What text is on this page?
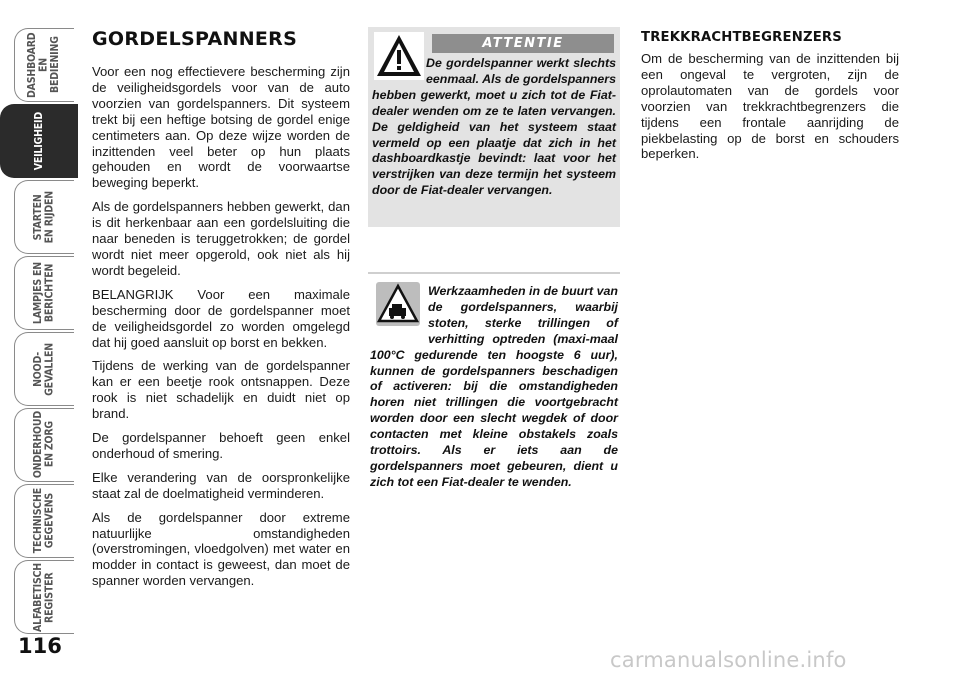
DASHBOARD
EN BEDIENING
VEILIGHEID
STARTEN
EN RIJDEN
LAMPJES EN
BERICHTEN
NOOD-
GEVALLEN
ONDERHOUD
EN ZORG
TECHNISCHE
GEGEVENS
ALFABETISCH
REGISTER
116
GORDELSPANNERS

Voor een nog effectievere bescherming zijn de veiligheidsgordels voor van de auto voorzien van gordelspanners. Dit systeem trekt bij een heftige botsing de gordel enige centimeters aan. Op deze wijze worden de inzittenden veel beter op hun plaats gehouden en wordt de voorwaartse beweging beperkt.

Als de gordelspanners hebben gewerkt, dan is dit herkenbaar aan een gordelsluiting die naar beneden is teruggetrokken; de gordel wordt niet meer opgerold, ook niet als hij wordt begeleid.

BELANGRIJK Voor een maximale bescherming door de gordelspanner moet de veiligheidsgordel zo worden omgelegd dat hij goed aansluit op borst en bekken.

Tijdens de werking van de gordelspanner kan er een beetje rook ontsnappen. Deze rook is niet schadelijk en duidt niet op brand.

De gordelspanner behoeft geen enkel onderhoud of smering.

Elke verandering van de oorspronkelijke staat zal de doelmatigheid verminderen.

Als de gordelspanner door extreme natuurlijke omstandigheden (overstromingen, vloedgolven) met water en modder in contact is geweest, dan moet de spanner worden vervangen.

ATTENTIE

De gordelspanner werkt slechts eenmaal. Als de gordelspanners hebben gewerkt, moet u zich tot de Fiat-dealer wenden om ze te laten vervangen. De geldigheid van het systeem staat vermeld op een plaatje dat zich in het dashboardkastje bevindt: laat voor het verstrijken van deze termijn het systeem door de Fiat-dealer vervangen.

Werkzaamheden in de buurt van de gordelspanners, waarbij stoten, sterke trillingen of verhitting optreden (maxi-maal 100°C gedurende ten hoogste 6 uur), kunnen de gordelspanners beschadigen of activeren: bij die omstandigheden horen niet trillingen die voortgebracht worden door een slecht wegdek of door contacten met kleine obstakels zoals trottoirs. Als er iets aan de gordelspanners moet gebeuren, dient u zich tot een Fiat-dealer te wenden.

TREKKRACHTBEGRENZERS

Om de bescherming van de inzittenden bij een ongeval te vergroten, zijn de oprolautomaten van de gordels voor voorzien van trekkrachtbegrenzers die tijdens een frontale aanrijding de piekbelasting op de borst en schouders beperken.

carmanualsonline.info
